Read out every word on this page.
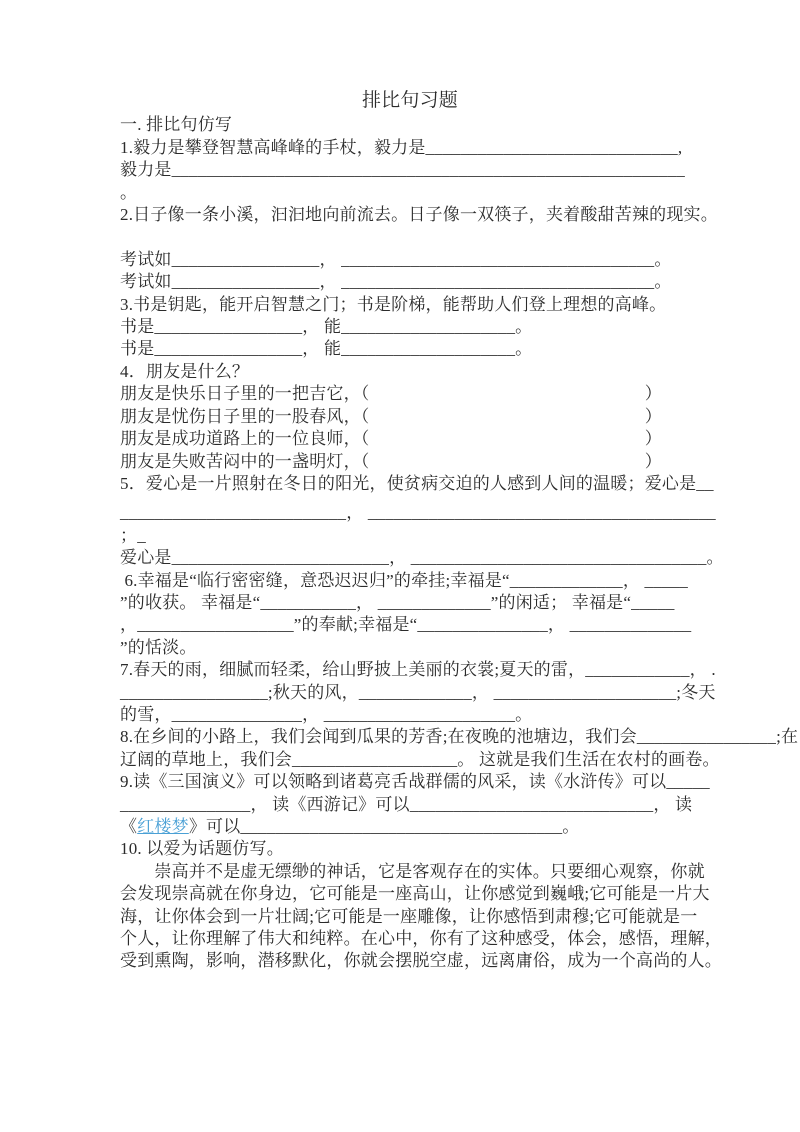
排比句习题
一. 排比句仿写
1.毅力是攀登智慧高峰峰的手杖，毅力是_____________________________,
毅力是___________________________________________________________
。
2.日子像一条小溪，汩汩地向前流去。日子像一双筷子，夹着酸甜苦辣的现实。

考试如_________________， ____________________________________。
考试如_________________， ____________________________________。
3.书是钥匙，能开启智慧之门；书是阶梯，能帮助人们登上理想的高峰。
书是_________________， 能____________________。
书是_________________， 能____________________。
4．朋友是什么？
朋友是快乐日子里的一把吉它，（　　　　　　　　　　　　　　　　）
朋友是忧伤日子里的一股春风，（　　　　　　　　　　　　　　　　）
朋友是成功道路上的一位良师，（　　　　　　　　　　　　　　　　）
朋友是失败苦闷中的一盏明灯，（　　　　　　　　　　　　　　　　）
5．爱心是一片照射在冬日的阳光，使贫病交迫的人感到人间的温暖；爱心是__
__________________________， ________________________________________
；_
爱心是_________________________， __________________________________。
6.幸福是“临行密密缝，意恐迟迟归”的牵挂;幸福是“_____________， _____
”的收获。 幸福是“___________， _____________”的闲适； 幸福是“_____
，__________________”的奉献;幸福是“_______________， ______________
”的恬淡。
7.春天的雨，细腻而轻柔，给山野披上美丽的衣裳;夏天的雷，____________， .
_________________;秋天的风，_____________， _____________________;冬天
的雪，_______________， ______________________。
8.在乡间的小路上，我们会闻到瓜果的芳香;在夜晚的池塘边，我们会________________;在
辽阔的草地上，我们会___________________。 这就是我们生活在农村的画卷。
9.读《三国演义》可以领略到诸葛亮舌战群儒的风采，读《水浒传》可以_____
_______________， 读《西游记》可以____________________________， 读
《红楼梦》可以_____________________________________。
10. 以爱为话题仿写。
　　崇高并不是虚无缥缈的神话，它是客观存在的实体。只要细心观察，你就
会发现崇高就在你身边，它可能是一座高山，让你感觉到巍峨;它可能是一片大
海，让你体会到一片壮阔;它可能是一座雕像，让你感悟到肃穆;它可能就是一
个人，让你理解了伟大和纯粹。在心中，你有了这种感受，体会，感悟，理解，
受到熏陶，影响，潜移默化，你就会摆脱空虚，远离庸俗，成为一个高尚的人。
